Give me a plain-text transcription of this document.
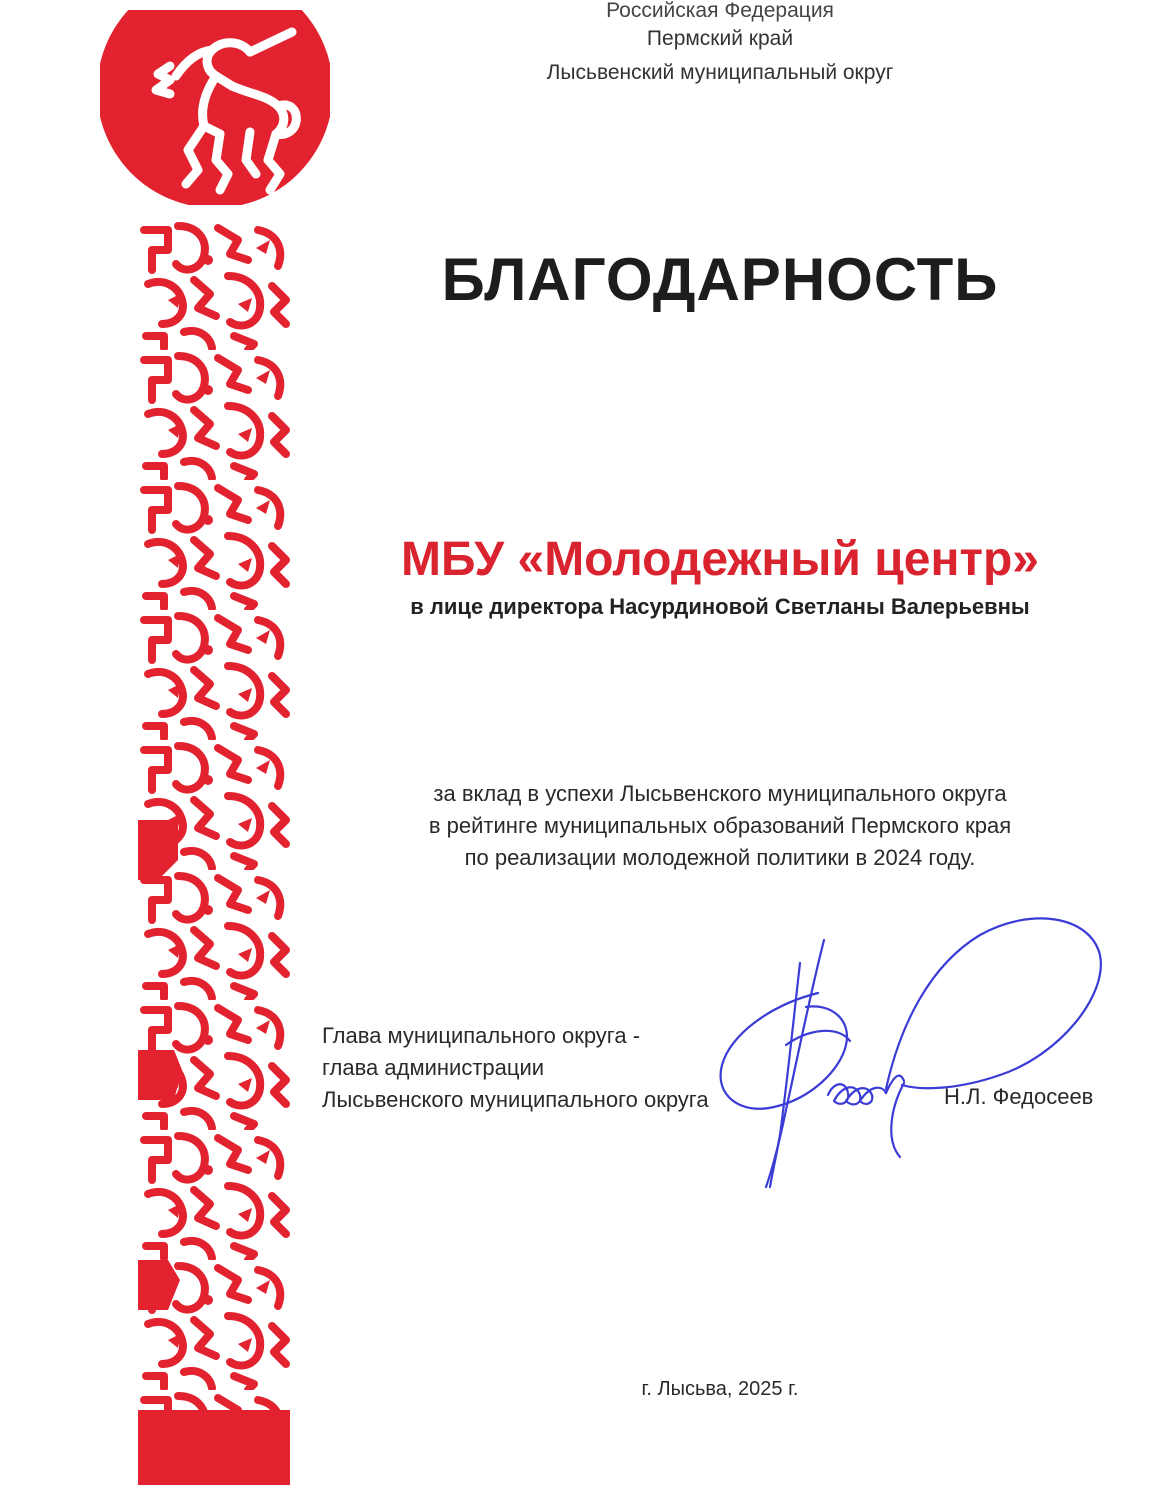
Российская Федерация
Пермский край
Лысьвенский муниципальный округ
БЛАГОДАРНОСТЬ
МБУ «Молодежный центр»
в лице директора Насурдиновой Светланы Валерьевны
за вклад в успехи Лысьвенского муниципального округа
в рейтинге муниципальных образований Пермского края
по реализации молодежной политики в 2024 году.
Глава муниципального округа -
глава администрации
Лысьвенского муниципального округа	Н.Л. Федосеев
г. Лысьва, 2025 г.
